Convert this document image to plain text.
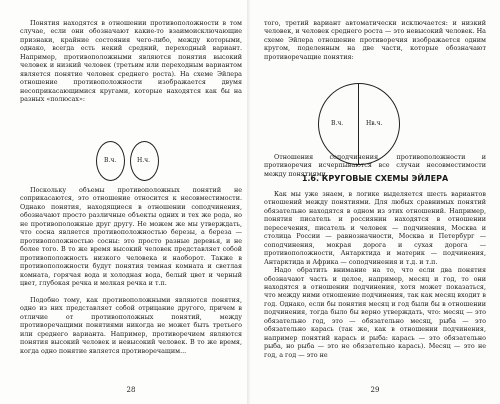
Понятия находятся в отношении противоположности в том случае, если они обозначают какие-то взаимоисключающие признаки, крайние состояния чего-либо, между которыми, однако, всегда есть некий средний, переходный вариант. Например, противоположными являются понятия высокий человек и низкий человек (третьим или переходным вариантом является понятие человек среднего роста). На схеме Эйлера отношение противоположности изображается двумя несоприкасающимися кругами, которые находятся как бы на разных «полюсах»:

В.ч.	Н.ч.

Поскольку объемы противоположных понятий не соприкасаются, это отношение относится к несовместимости. Однако понятия, находящиеся в отношении соподчинения, обозначают просто различные объекты одних и тех же рода, но не противоположные друг другу. Не можем же мы утверждать, что сосна является противоположностью березы, а береза — противоположностью сосны: это просто разные деревья, и не более того. В то же время высокий человек представляет собой противоположность низкого человека и наоборот. Также в противоположности будут понятия темная комната и светлая комната, горячая вода и холодная вода, белый цвет и черный цвет, глубокая речка и мелкая речка и т.п.

Подобно тому, как противоположными являются понятия, одно из них представляет собой отрицание другого, причем в отличие от противоположных понятий, между противоречащими понятиями никогда не может быть третьего или среднего варианта. Например, противоречием являются понятия высокий человек и невысокий человек. В то же время, когда одно понятие является противоречащим...

28

того, третий вариант автоматически исключается: и низкий человек, и человек среднего роста — это невысокий человек. На схеме Эйлера отношение противоречия изображается одним кругом, поделенным на две части, которые обозначают противоречащие понятия:

В.ч.	Нв.ч.

Отношения соподчинения, противоположности и противоречия исчерпываются все случаи несовместимости между понятиями.

1.6. КРУГОВЫЕ СХЕМЫ ЭЙЛЕРА

Как мы уже знаем, в логике выделяется шесть вариантов отношений между понятиями. Для любых сравнимых понятий обязательно находятся в одном из этих отношений. Например, понятия писатель и россиянин находятся в отношении пересечения, писатель и человек — подчинения, Москва и столица России — равнозначности, Москва и Петербург — соподчинения, мокрая дорога и сухая дорога — противоположности, Антарктида и материк — подчинения, Антарктида и Африка — соподчинения и т.д. и т.п.

Надо обратить внимание на то, что если два понятия обозначают часть и целое, например, месяц и год, то они находятся в отношении подчинения, хотя может показаться, что между ними отношение подчинения, так как месяц входит в год. Однако, если бы понятия месяц и год были бы в отношении подчинения, тогда было бы верно утверждать, что: месяц — это обязательно год, это — обязательно месяц, рыба — это обязательно карась (так же, как в отношении подчинения, например понятий карась и рыба: карась — это обязательно рыба, но рыба — это не обязательно карась). Месяц — это не год, а год — это не

29
